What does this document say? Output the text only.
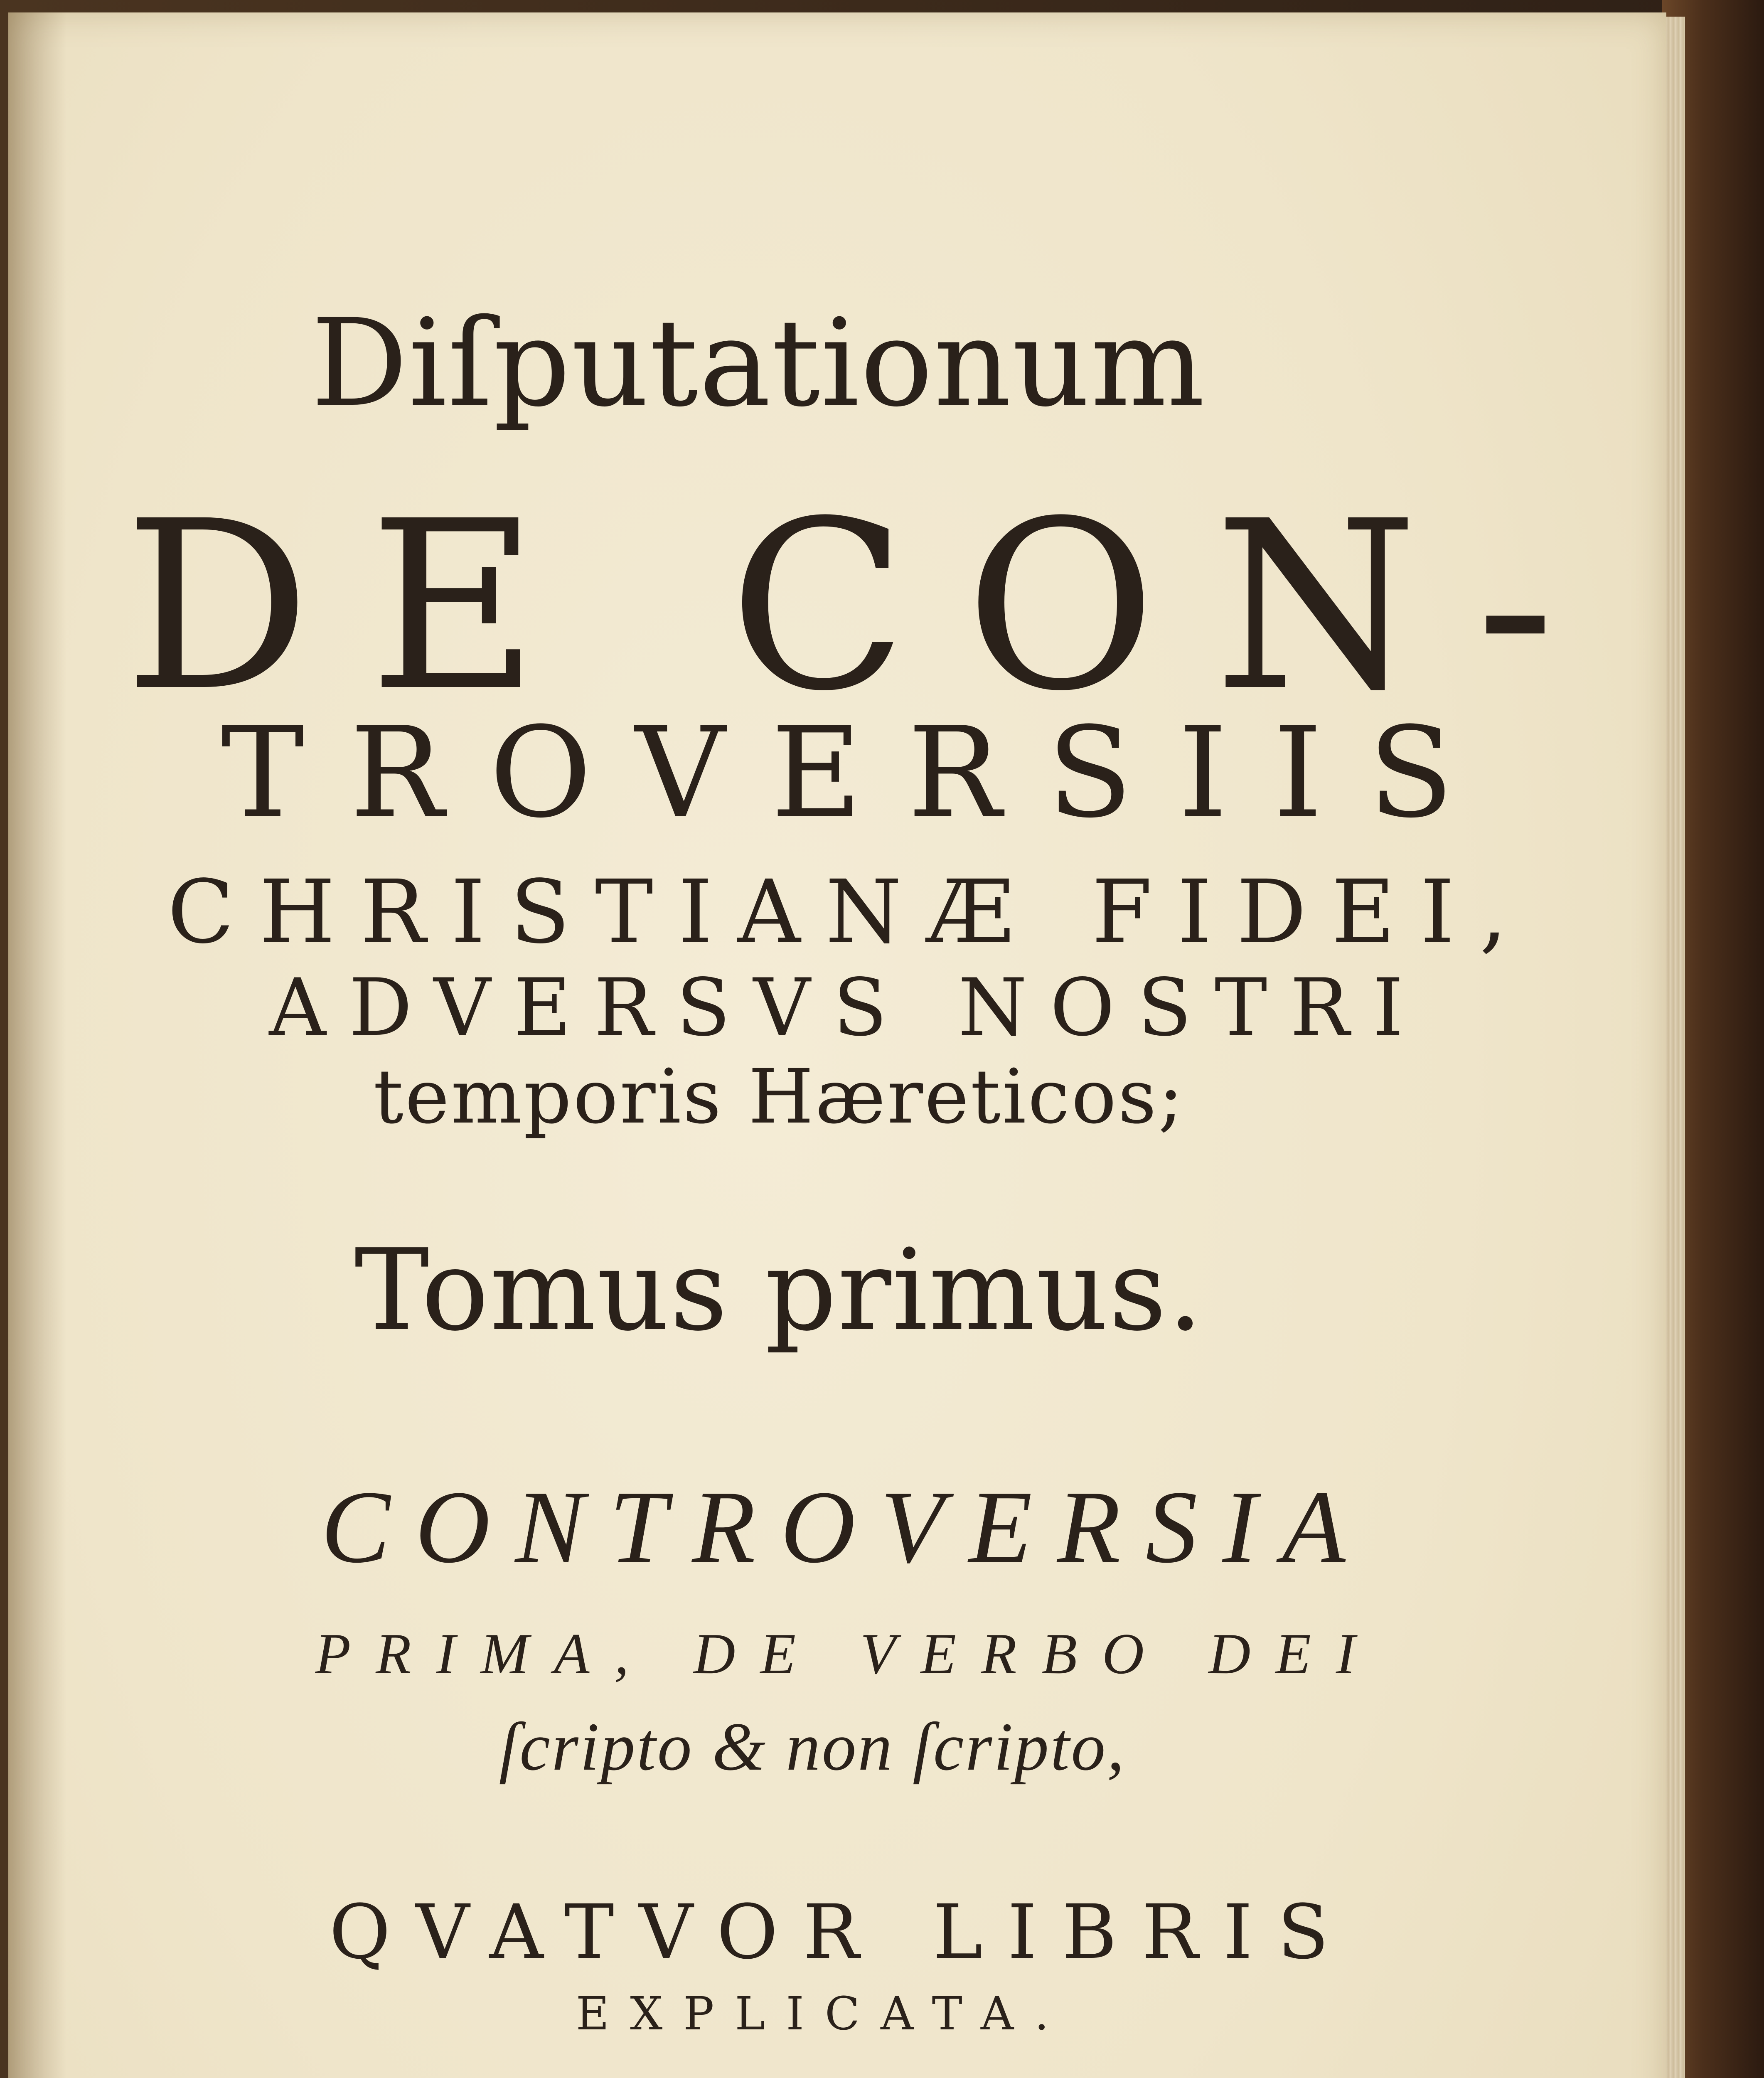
Diſputationum
DE CON-
TROVERSIIS
CHRISTIANÆ FIDEI,
ADVERSVS NOSTRI
temporis Hæreticos;
Tomus primus.
CONTROVERSIA
PRIMA, DE VERBO DEI
ſcripto & non ſcripto,
QVATVOR LIBRIS
EXPLICATA.
